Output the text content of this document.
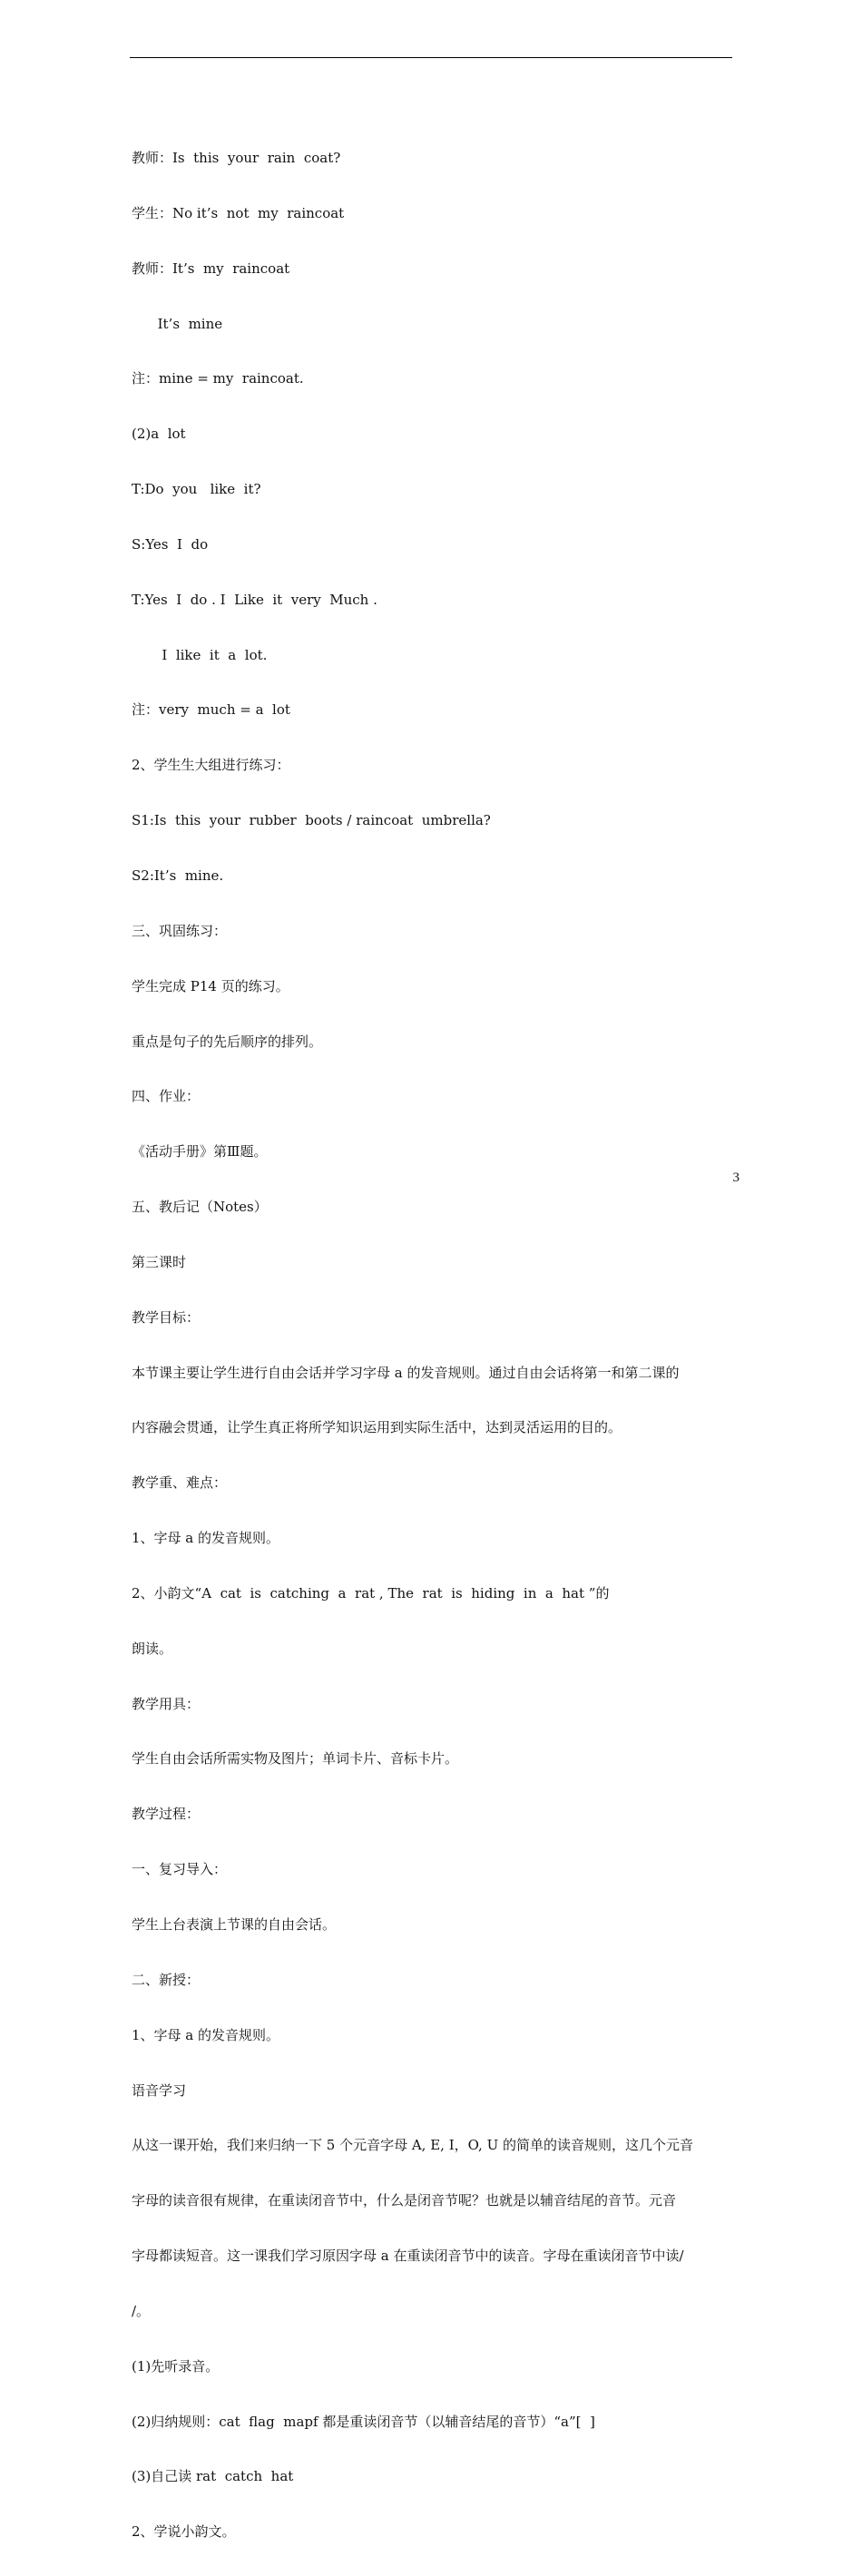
教师：Is  this  your  rain  coat?

学生：No it’s  not  my  raincoat

教师：It’s  my  raincoat

It’s  mine

注：mine = my  raincoat.

(2)a  lot

T:Do  you   like  it?

S:Yes  I  do

T:Yes  I  do . I  Like  it  very  Much .

I  like  it  a  lot.

注：very  much = a  lot

2、学生生大组进行练习：

S1:Is  this  your  rubber  boots / raincoat  umbrella?

S2:It’s  mine.

三、巩固练习：

学生完成 P14 页的练习。

重点是句子的先后顺序的排列。

四、作业：

《活动手册》第Ⅲ题。

五、教后记（Notes）

第三课时

教学目标：

本节课主要让学生进行自由会话并学习字母 a 的发音规则。通过自由会话将第一和第二课的

内容融会贯通，让学生真正将所学知识运用到实际生活中，达到灵活运用的目的。

教学重、难点：

1、字母 a 的发音规则。

2、小韵文“A  cat  is  catching  a  rat , The  rat  is  hiding  in  a  hat ”的

朗读。

教学用具：

学生自由会话所需实物及图片；单词卡片、音标卡片。

教学过程：

一、复习导入：

学生上台表演上节课的自由会话。

二、新授：

1、字母 a 的发音规则。

语音学习

从这一课开始，我们来归纳一下 5 个元音字母 A, E, I，O, U 的简单的读音规则，这几个元音

字母的读音很有规律，在重读闭音节中，什么是闭音节呢？也就是以辅音结尾的音节。元音

字母都读短音。这一课我们学习原因字母 a 在重读闭音节中的读音。字母在重读闭音节中读/

/。

(1)先听录音。

(2)归纳规则：cat  flag  mapf 都是重读闭音节（以辅音结尾的音节）“a”[  ]

(3)自己读 rat  catch  hat

2、学说小韵文。

3
